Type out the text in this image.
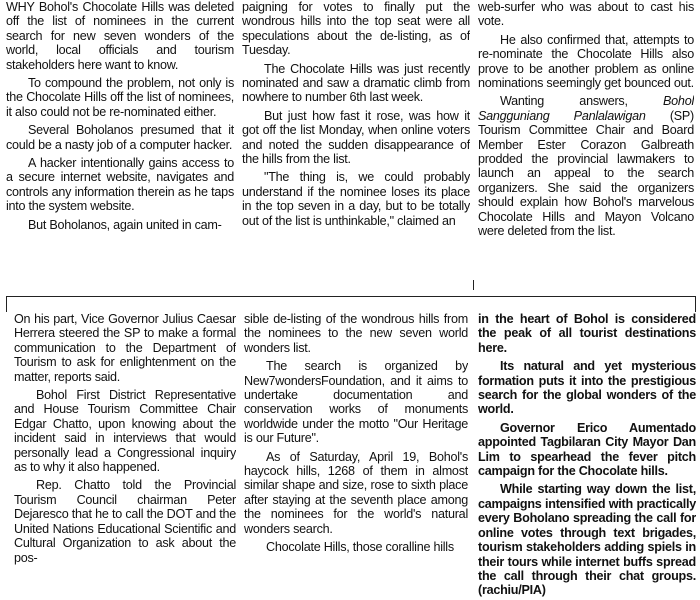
WHY Bohol's Chocolate Hills was deleted off the list of nominees in the current search for new seven wonders of the world, local officials and tourism stakeholders here want to know.

To compound the problem, not only is the Chocolate Hills off the list of nominees, it also could not be re-nominated either.

Several Boholanos presumed that it could be a nasty job of a computer hacker.

A hacker intentionally gains access to a secure internet website, navigates and controls any information therein as he taps into the system website.

But Boholanos, again united in cam-

paigning for votes to finally put the wondrous hills into the top seat were all speculations about the de-listing, as of Tuesday.

The Chocolate Hills was just recently nominated and saw a dramatic climb from nowhere to number 6th last week.

But just how fast it rose, was how it got off the list Monday, when online voters and noted the sudden disappearance of the hills from the list.

"The thing is, we could probably understand if the nominee loses its place in the top seven in a day, but to be totally out of the list is unthinkable," claimed an

web-surfer who was about to cast his vote.

He also confirmed that, attempts to re-nominate the Chocolate Hills also prove to be another problem as online nominations seemingly get bounced out.

Wanting answers,	Bohol Sangguniang Panlalawigan (SP) Tourism Committee Chair and Board Member Ester Corazon Galbreath prodded the provincial lawmakers to launch an appeal to the search organizers. She said the organizers should explain how Bohol's marvelous Chocolate Hills and Mayon Volcano were deleted from the list.

On his part, Vice Governor Julius Caesar Herrera steered the SP to make a formal communication to the Department of Tourism to ask for enlightenment on the matter, reports said.

Bohol First District Representative and House Tourism Committee Chair Edgar Chatto, upon knowing about the incident said in interviews that would personally lead a Congressional inquiry as to why it also happened.

Rep. Chatto told the Provincial Tourism Council chairman Peter Dejaresco that he to call the DOT and the United Nations Educational Scientific and Cultural Organization to ask about the pos-

sible de-listing of the wondrous hills from the nominees to the new seven world wonders list.

The search is organized by New7wondersFoundation, and it aims to undertake documentation and conservation works of monuments worldwide under the motto "Our Heritage is our Future".

As of Saturday, April 19, Bohol's haycock hills, 1268 of them in almost similar shape and size, rose to sixth place after staying at the seventh place among the nominees for the world's natural wonders search.

Chocolate Hills, those coralline hills

in the heart of Bohol is considered the peak of all tourist destinations here.

Its natural and yet mysterious formation puts it into the prestigious search for the global wonders of the world.

Governor Erico Aumentado appointed Tagbilaran City Mayor Dan Lim to spearhead the fever pitch campaign for the Chocolate hills.

While starting way down the list, campaigns intensified with practically every Boholano spreading the call for online votes through text brigades, tourism stakeholders adding spiels in their tours while internet buffs spread the call through their chat groups. (rachiu/PIA)
